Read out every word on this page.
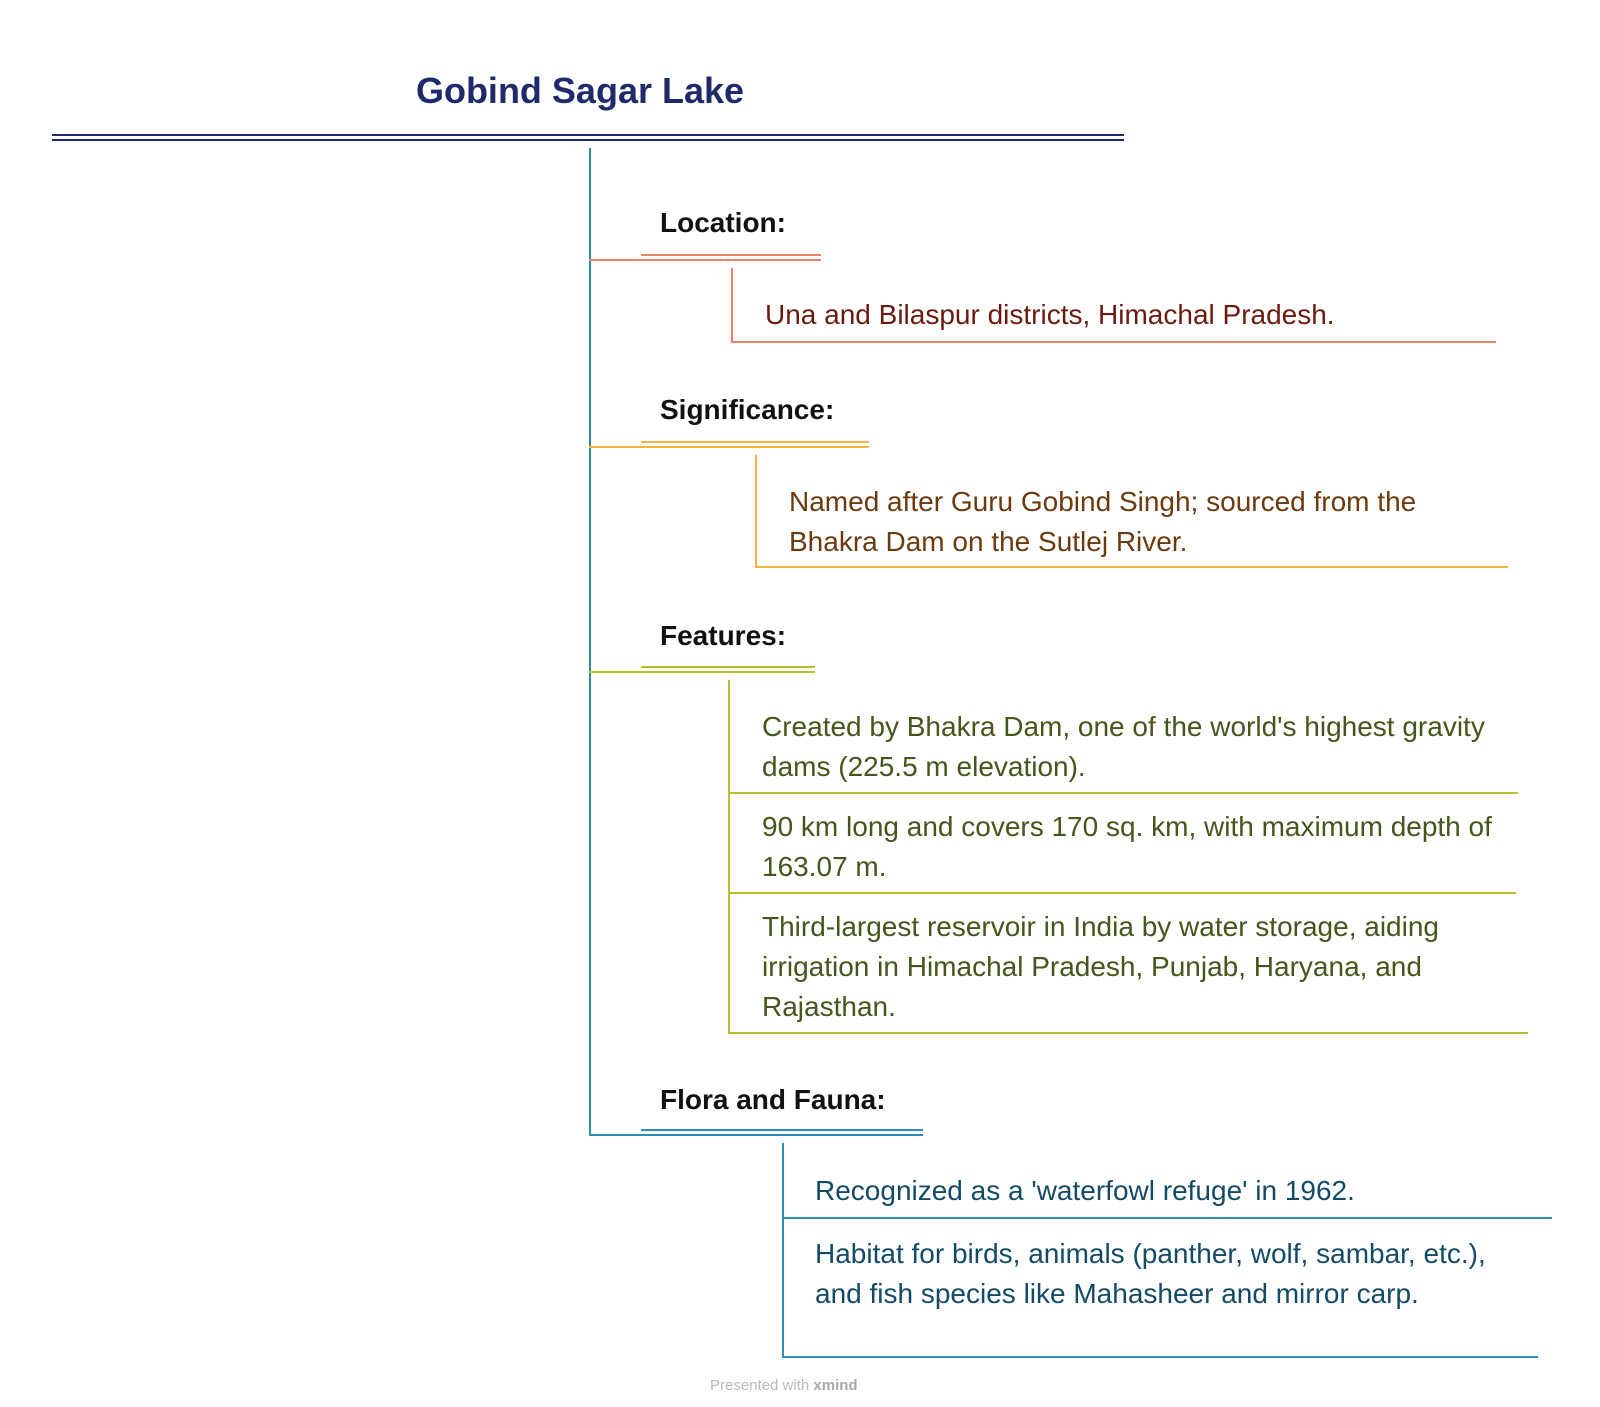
Gobind Sagar Lake
Location:
Una and Bilaspur districts, Himachal Pradesh.
Significance:
Named after Guru Gobind Singh; sourced from the Bhakra Dam on the Sutlej River.
Features:
Created by Bhakra Dam, one of the world's highest gravity dams (225.5 m elevation).
90 km long and covers 170 sq. km, with maximum depth of 163.07 m.
Third-largest reservoir in India by water storage, aiding irrigation in Himachal Pradesh, Punjab, Haryana, and Rajasthan.
Flora and Fauna:
Recognized as a 'waterfowl refuge' in 1962.
Habitat for birds, animals (panther, wolf, sambar, etc.), and fish species like Mahasheer and mirror carp.
Presented with xmind
